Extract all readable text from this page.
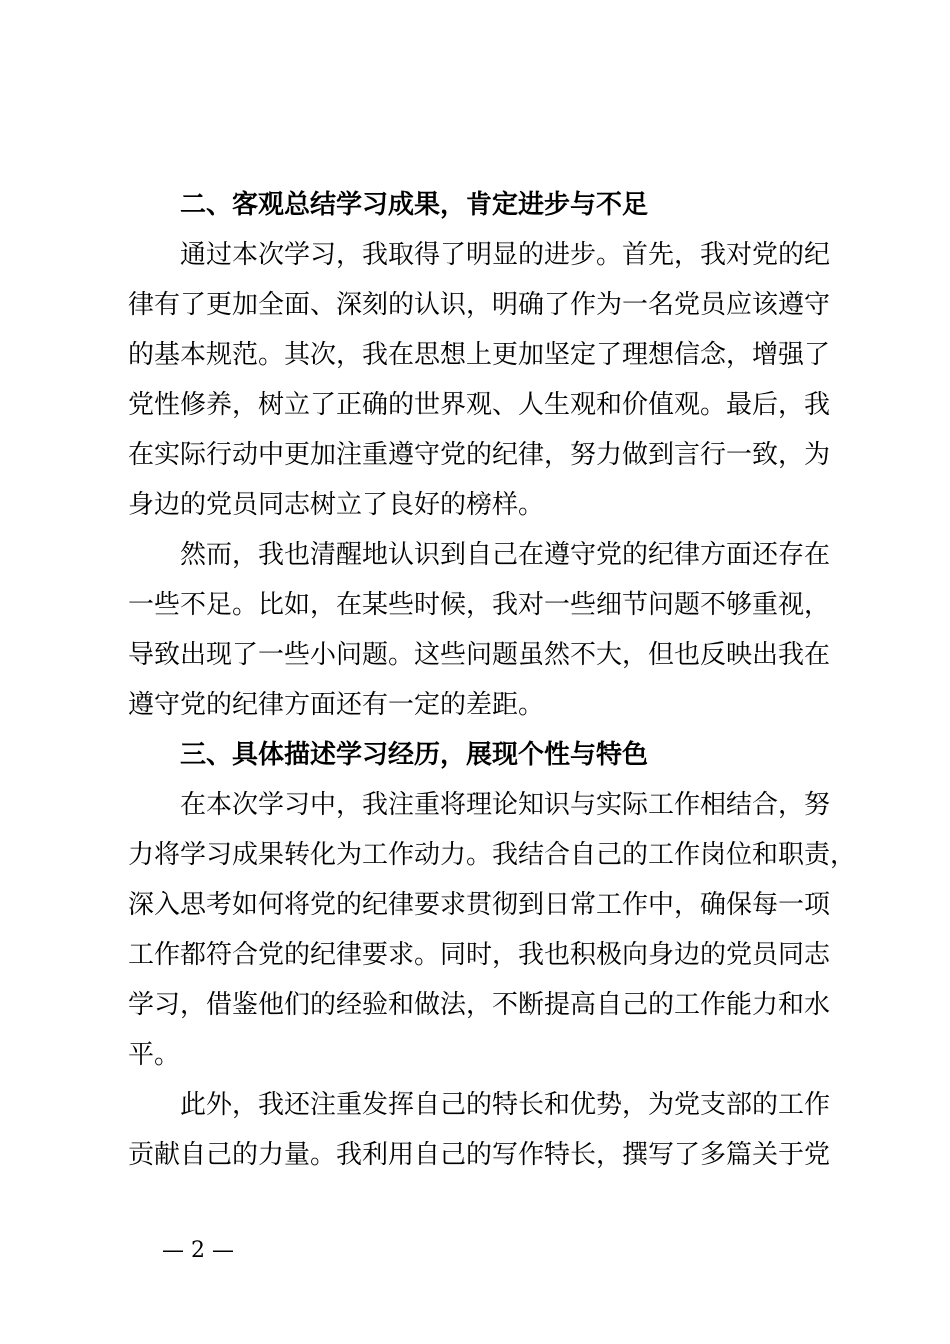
二、客观总结学习成果，肯定进步与不足
通过本次学习，我取得了明显的进步。首先，我对党的纪
律有了更加全面、深刻的认识，明确了作为一名党员应该遵守
的基本规范。其次，我在思想上更加坚定了理想信念，增强了
党性修养，树立了正确的世界观、人生观和价值观。最后，我
在实际行动中更加注重遵守党的纪律，努力做到言行一致，为
身边的党员同志树立了良好的榜样。
然而，我也清醒地认识到自己在遵守党的纪律方面还存在
一些不足。比如，在某些时候，我对一些细节问题不够重视，
导致出现了一些小问题。这些问题虽然不大，但也反映出我在
遵守党的纪律方面还有一定的差距。
三、具体描述学习经历，展现个性与特色
在本次学习中，我注重将理论知识与实际工作相结合，努
力将学习成果转化为工作动力。我结合自己的工作岗位和职责，
深入思考如何将党的纪律要求贯彻到日常工作中，确保每一项
工作都符合党的纪律要求。同时，我也积极向身边的党员同志
学习，借鉴他们的经验和做法，不断提高自己的工作能力和水
平。
此外，我还注重发挥自己的特长和优势，为党支部的工作
贡献自己的力量。我利用自己的写作特长，撰写了多篇关于党
— 2 —
